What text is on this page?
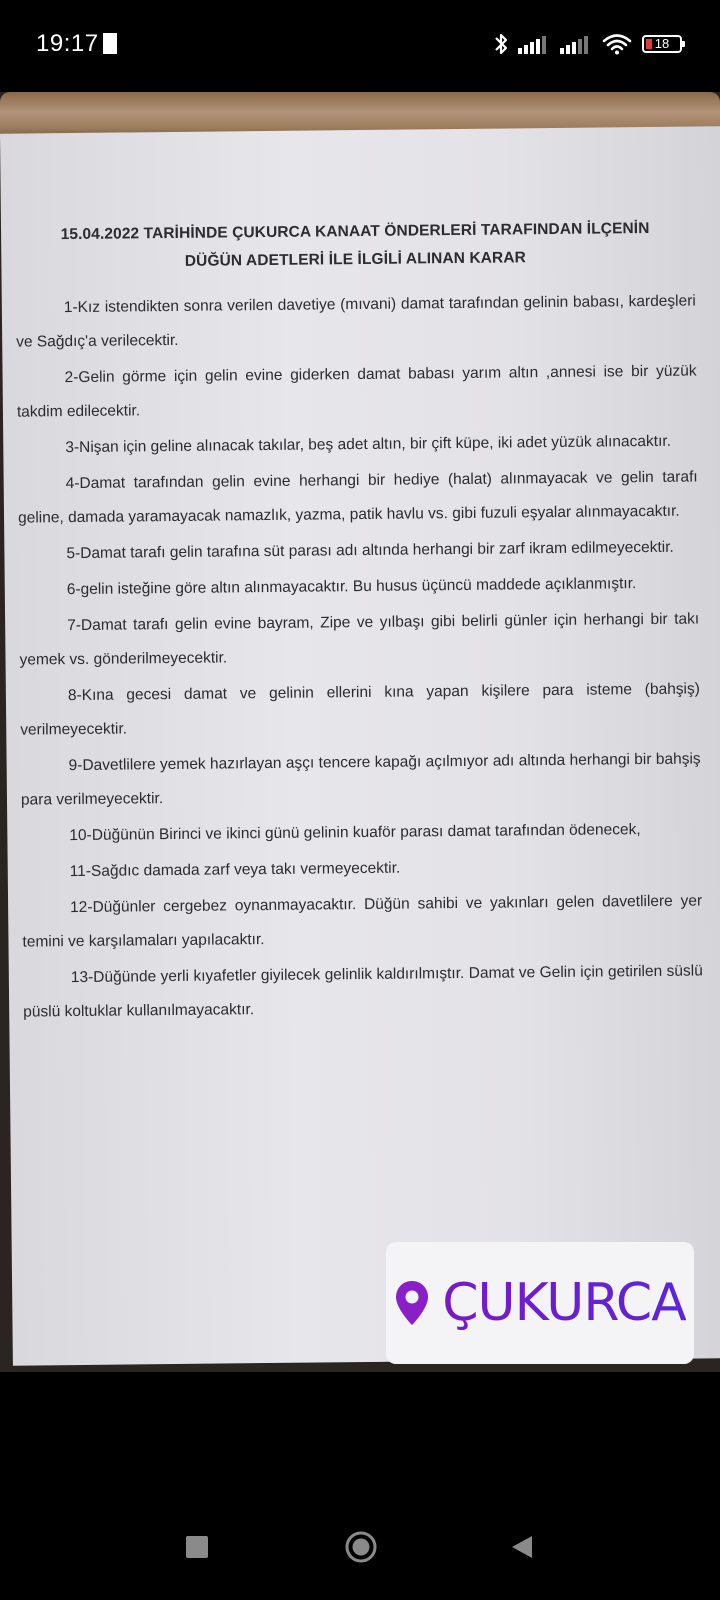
19:17	18

15.04.2022 TARİHİNDE ÇUKURCA KANAAT ÖNDERLERİ TARAFINDAN İLÇENİN
DÜĞÜN ADETLERİ İLE İLGİLİ ALINAN KARAR

1-Kız istendikten sonra verilen davetiye (mıvani) damat tarafından gelinin babası, kardeşleri ve Sağdıç'a verilecektir.

2-Gelin görme için gelin evine giderken damat babası yarım altın ,annesi ise bir yüzük takdim edilecektir.

3-Nişan için geline alınacak takılar, beş adet altın, bir çift küpe, iki adet yüzük alınacaktır.

4-Damat tarafından gelin evine herhangi bir hediye (halat) alınmayacak ve gelin tarafı geline, damada yaramayacak namazlık, yazma, patik havlu vs. gibi fuzuli eşyalar alınmayacaktır.

5-Damat tarafı gelin tarafına süt parası adı altında herhangi bir zarf ikram edilmeyecektir.

6-gelin isteğine göre altın alınmayacaktır. Bu husus üçüncü maddede açıklanmıştır.

7-Damat tarafı gelin evine bayram, Zipe ve yılbaşı gibi belirli günler için herhangi bir takı yemek vs. gönderilmeyecektir.

8-Kına gecesi damat ve gelinin ellerini kına yapan kişilere para isteme (bahşiş) verilmeyecektir.

9-Davetlilere yemek hazırlayan aşçı tencere kapağı açılmıyor adı altında herhangi bir bahşiş para verilmeyecektir.

10-Düğünün Birinci ve ikinci günü gelinin kuaför parası damat tarafından ödenecek,

11-Sağdıc damada zarf veya takı vermeyecektir.

12-Düğünler cergebez oynanmayacaktır. Düğün sahibi ve yakınları gelen davetlilere yer temini ve karşılamaları yapılacaktır.

13-Düğünde yerli kıyafetler giyilecek gelinlik kaldırılmıştır. Damat ve Gelin için getirilen süslü püslü koltuklar kullanılmayacaktır.

ÇUKURCA
